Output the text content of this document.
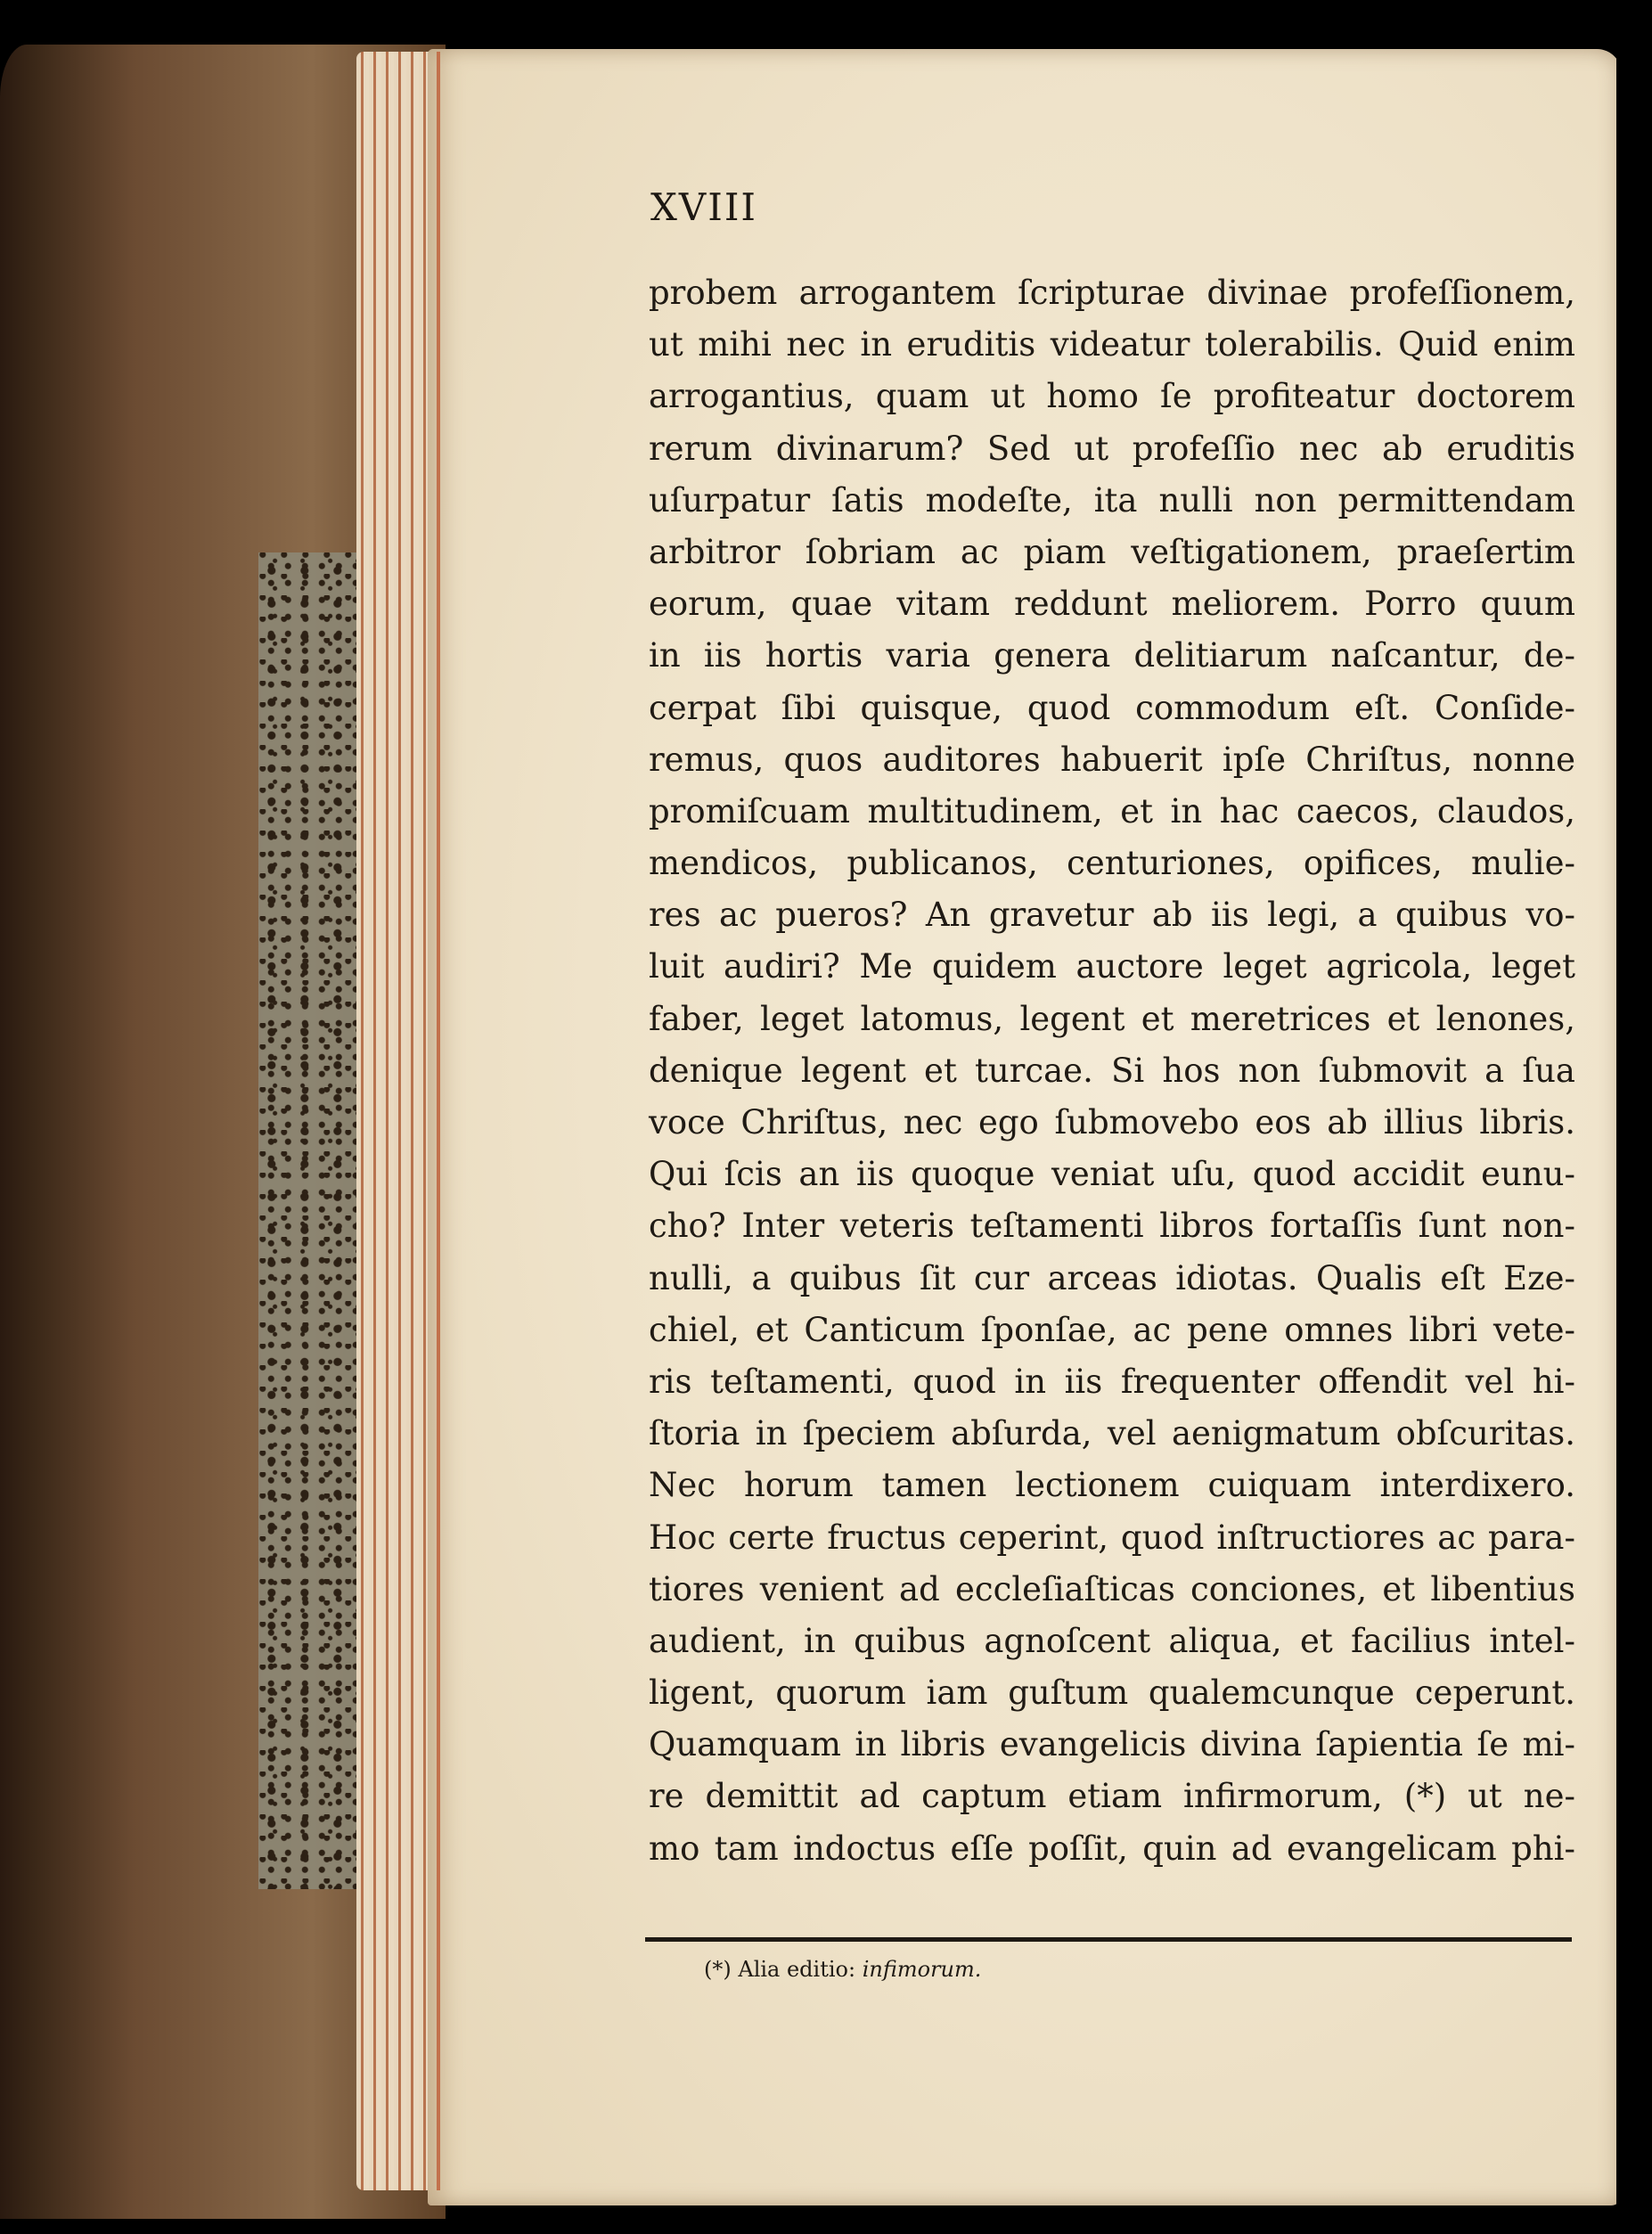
XVIII
probem arrogantem ſcripturae divinae profeſſionem,
ut mihi nec in eruditis videatur tolerabilis. Quid enim
arrogantius, quam ut homo ſe profiteatur doctorem
rerum divinarum? Sed ut profeſſio nec ab eruditis
uſurpatur ſatis modeſte, ita nulli non permittendam
arbitror ſobriam ac piam veſtigationem, praeſertim
eorum, quae vitam reddunt meliorem. Porro quum
in iis hortis varia genera delitiarum naſcantur, de-
cerpat ſibi quisque, quod commodum eſt. Conſide-
remus, quos auditores habuerit ipſe Chriſtus, nonne
promiſcuam multitudinem, et in hac caecos, claudos,
mendicos, publicanos, centuriones, opifices, mulie-
res ac pueros? An gravetur ab iis legi, a quibus vo-
luit audiri? Me quidem auctore leget agricola, leget
faber, leget latomus, legent et meretrices et lenones,
denique legent et turcae. Si hos non ſubmovit a ſua
voce Chriſtus, nec ego ſubmovebo eos ab illius libris.
Qui ſcis an iis quoque veniat uſu, quod accidit eunu-
cho? Inter veteris teſtamenti libros fortaſſis ſunt non-
nulli, a quibus ſit cur arceas idiotas. Qualis eſt Eze-
chiel, et Canticum ſponſae, ac pene omnes libri vete-
ris teſtamenti, quod in iis frequenter offendit vel hi-
ſtoria in ſpeciem abſurda, vel aenigmatum obſcuritas.
Nec horum tamen lectionem cuiquam interdixero.
Hoc certe fructus ceperint, quod inſtructiores ac para-
tiores venient ad eccleſiaſticas conciones, et libentius
audient, in quibus agnoſcent aliqua, et facilius intel-
ligent, quorum iam guſtum qualemcunque ceperunt.
Quamquam in libris evangelicis divina ſapientia ſe mi-
re demittit ad captum etiam infirmorum, (*) ut ne-
mo tam indoctus eſſe poſſit, quin ad evangelicam phi-
(*) Alia editio: infimorum.
